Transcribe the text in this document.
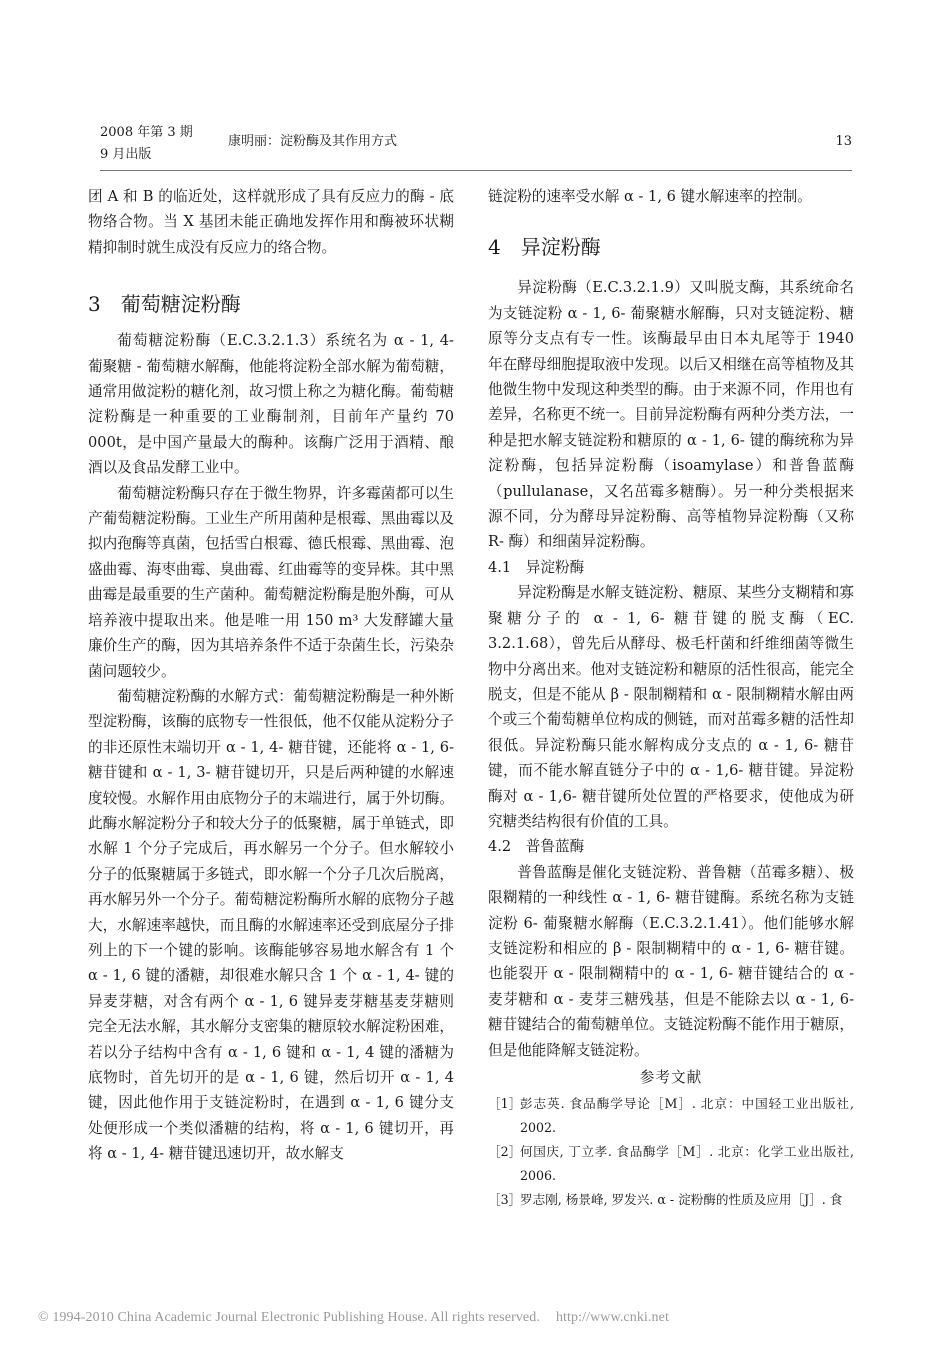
2008 年第 3 期
9 月出版
康明丽：淀粉酶及其作用方式	13

团 A 和 B 的临近处，这样就形成了具有反应力的酶 - 底物络合物。当 X 基团未能正确地发挥作用和酶被环状糊精抑制时就生成没有反应力的络合物。

3　葡萄糖淀粉酶

葡萄糖淀粉酶（E.C.3.2.1.3）系统名为 α - 1, 4- 葡聚糖 - 葡萄糖水解酶，他能将淀粉全部水解为葡萄糖，通常用做淀粉的糖化剂，故习惯上称之为糖化酶。葡萄糖淀粉酶是一种重要的工业酶制剂，目前年产量约 70 000t，是中国产量最大的酶种。该酶广泛用于酒精、酿酒以及食品发酵工业中。

葡萄糖淀粉酶只存在于微生物界，许多霉菌都可以生产葡萄糖淀粉酶。工业生产所用菌种是根霉、黑曲霉以及拟内孢酶等真菌，包括雪白根霉、德氏根霉、黑曲霉、泡盛曲霉、海枣曲霉、臭曲霉、红曲霉等的变异株。其中黑曲霉是最重要的生产菌种。葡萄糖淀粉酶是胞外酶，可从培养液中提取出来。他是唯一用 150 m³ 大发酵罐大量廉价生产的酶，因为其培养条件不适于杂菌生长，污染杂菌问题较少。

葡萄糖淀粉酶的水解方式：葡萄糖淀粉酶是一种外断型淀粉酶，该酶的底物专一性很低，他不仅能从淀粉分子的非还原性末端切开 α - 1, 4- 糖苷键，还能将 α - 1, 6- 糖苷键和 α - 1, 3- 糖苷键切开，只是后两种键的水解速度较慢。水解作用由底物分子的末端进行，属于外切酶。此酶水解淀粉分子和较大分子的低聚糖，属于单链式，即水解 1 个分子完成后，再水解另一个分子。但水解较小分子的低聚糖属于多链式，即水解一个分子几次后脱离，再水解另外一个分子。葡萄糖淀粉酶所水解的底物分子越大，水解速率越快，而且酶的水解速率还受到底屋分子排列上的下一个键的影响。该酶能够容易地水解含有 1 个 α - 1, 6 键的潘糖，却很难水解只含 1 个 α - 1, 4- 键的异麦芽糖，对含有两个 α - 1, 6 键异麦芽糖基麦芽糖则完全无法水解，其水解分支密集的糖原较水解淀粉困难，若以分子结构中含有 α - 1, 6 键和 α - 1, 4 键的潘糖为底物时，首先切开的是 α - 1, 6 键，然后切开 α - 1, 4 键，因此他作用于支链淀粉时，在遇到 α - 1, 6 键分支处便形成一个类似潘糖的结构，将 α - 1, 6 键切开，再将 α - 1, 4- 糖苷键迅速切开，故水解支

链淀粉的速率受水解 α - 1, 6 键水解速率的控制。

4　异淀粉酶

异淀粉酶（E.C.3.2.1.9）又叫脱支酶，其系统命名为支链淀粉 α - 1, 6- 葡聚糖水解酶，只对支链淀粉、糖原等分支点有专一性。该酶最早由日本丸尾等于 1940 年在酵母细胞提取液中发现。以后又相继在高等植物及其他微生物中发现这种类型的酶。由于来源不同，作用也有差异，名称更不统一。目前异淀粉酶有两种分类方法，一种是把水解支链淀粉和糖原的 α - 1, 6- 键的酶统称为异淀粉酶，包括异淀粉酶（isoamylase）和普鲁蓝酶（pullulanase，又名茁霉多糖酶）。另一种分类根据来源不同，分为酵母异淀粉酶、高等植物异淀粉酶（又称 R- 酶）和细菌异淀粉酶。

4.1　异淀粉酶

异淀粉酶是水解支链淀粉、糖原、某些分支糊精和寡聚糖分子的 α - 1, 6- 糖苷键的脱支酶（EC. 3.2.1.68），曾先后从酵母、极毛杆菌和纤维细菌等微生物中分离出来。他对支链淀粉和糖原的活性很高，能完全脱支，但是不能从 β - 限制糊精和 α - 限制糊精水解由两个或三个葡萄糖单位构成的侧链，而对茁霉多糖的活性却很低。异淀粉酶只能水解构成分支点的 α - 1, 6- 糖苷键，而不能水解直链分子中的 α - 1,6- 糖苷键。异淀粉酶对 α - 1,6- 糖苷键所处位置的严格要求，使他成为研究糖类结构很有价值的工具。

4.2　普鲁蓝酶

普鲁蓝酶是催化支链淀粉、普鲁糖（茁霉多糖）、极限糊精的一种线性 α - 1, 6- 糖苷键酶。系统名称为支链淀粉 6- 葡聚糖水解酶（E.C.3.2.1.41）。他们能够水解支链淀粉和相应的 β - 限制糊精中的 α - 1, 6- 糖苷键。也能裂开 α - 限制糊精中的 α - 1, 6- 糖苷键结合的 α - 麦芽糖和 α - 麦芽三糖残基，但是不能除去以 α - 1, 6- 糖苷键结合的葡萄糖单位。支链淀粉酶不能作用于糖原，但是他能降解支链淀粉。

参考文献
［1］
彭志英. 食品酶学导论［M］. 北京：中国轻工业出版社, 2002.
［2］
何国庆, 丁立孝. 食品酶学［M］. 北京：化学工业出版社, 2006.
［3］
罗志刚, 杨景峰, 罗发兴. α - 淀粉酶的性质及应用［J］. 食
© 1994-2010 China Academic Journal Electronic Publishing House. All rights reserved. http://www.cnki.net
